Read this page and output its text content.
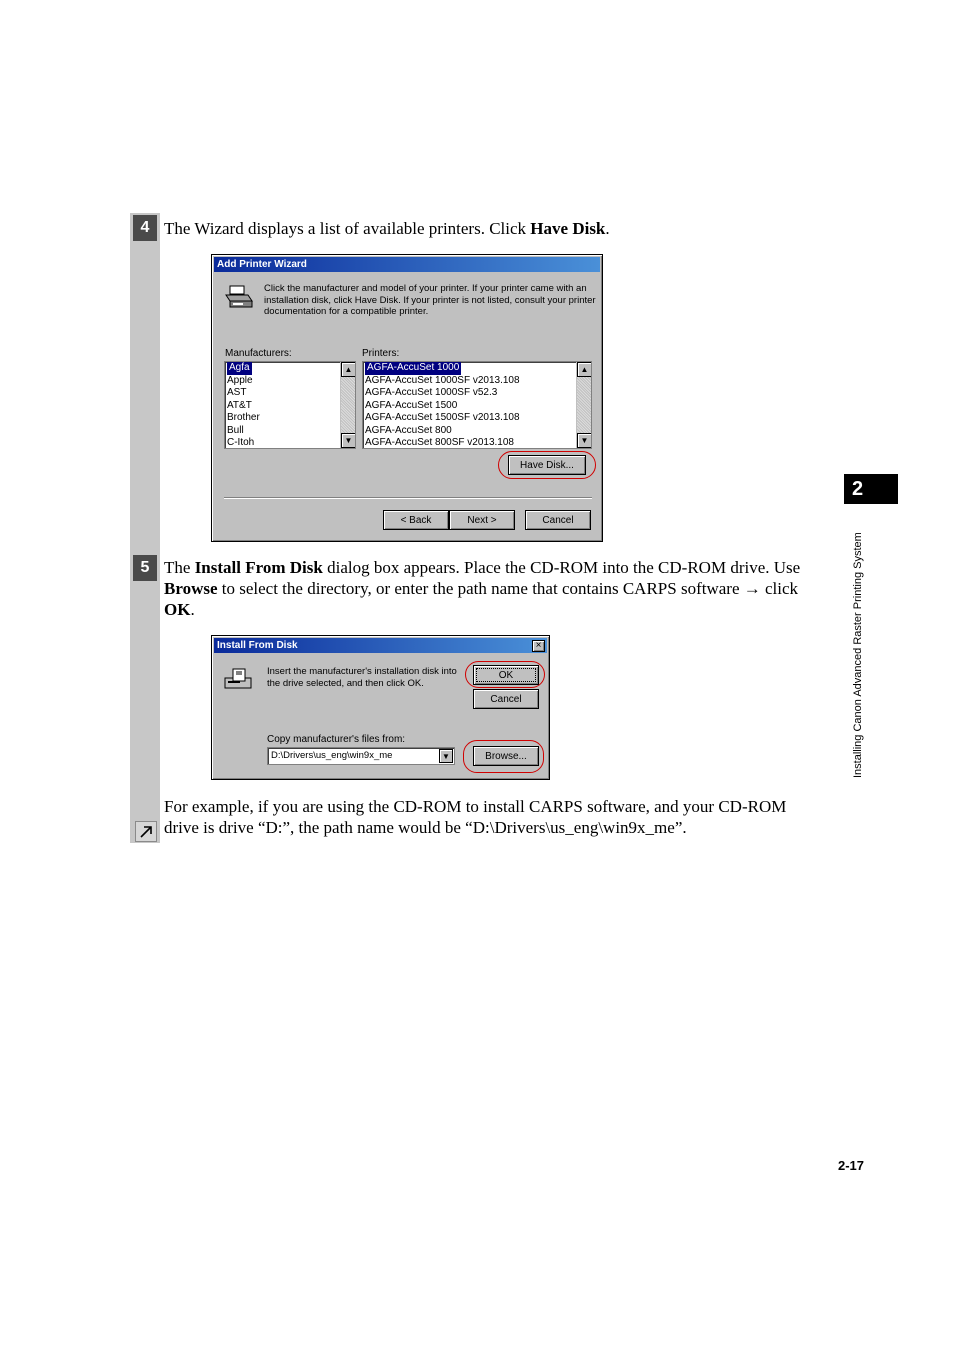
4 The Wizard displays a list of available printers. Click Have Disk.
Add Printer Wizard
Click the manufacturer and model of your printer. If your printer came with an installation disk, click Have Disk. If your printer is not listed, consult your printer documentation for a compatible printer.
Manufacturers:	Printers:
Agfa
Apple
AST
AT&T
Brother
Bull
C-Itoh
▲
▼
AGFA-AccuSet 1000
AGFA-AccuSet 1000SF v2013.108
AGFA-AccuSet 1000SF v52.3
AGFA-AccuSet 1500
AGFA-AccuSet 1500SF v2013.108
AGFA-AccuSet 800
AGFA-AccuSet 800SF v2013.108
▲
▼
Have Disk...
< Back	Next >	Cancel
5 The Install From Disk dialog box appears. Place the CD-ROM into the CD-ROM drive. Use Browse to select the directory, or enter the path name that contains CARPS software → click OK.
Install From Disk	×
Insert the manufacturer's installation disk into the drive selected, and then click OK.
OK
Cancel
Copy manufacturer's files from:
D:\Drivers\us_eng\win9x_me	▼	Browse...
For example, if you are using the CD-ROM to install CARPS software, and your CD-ROM drive is drive “D:”, the path name would be “D:\Drivers\us_eng\win9x_me”.
2
Installing Canon Advanced Raster Printing System
2-17
